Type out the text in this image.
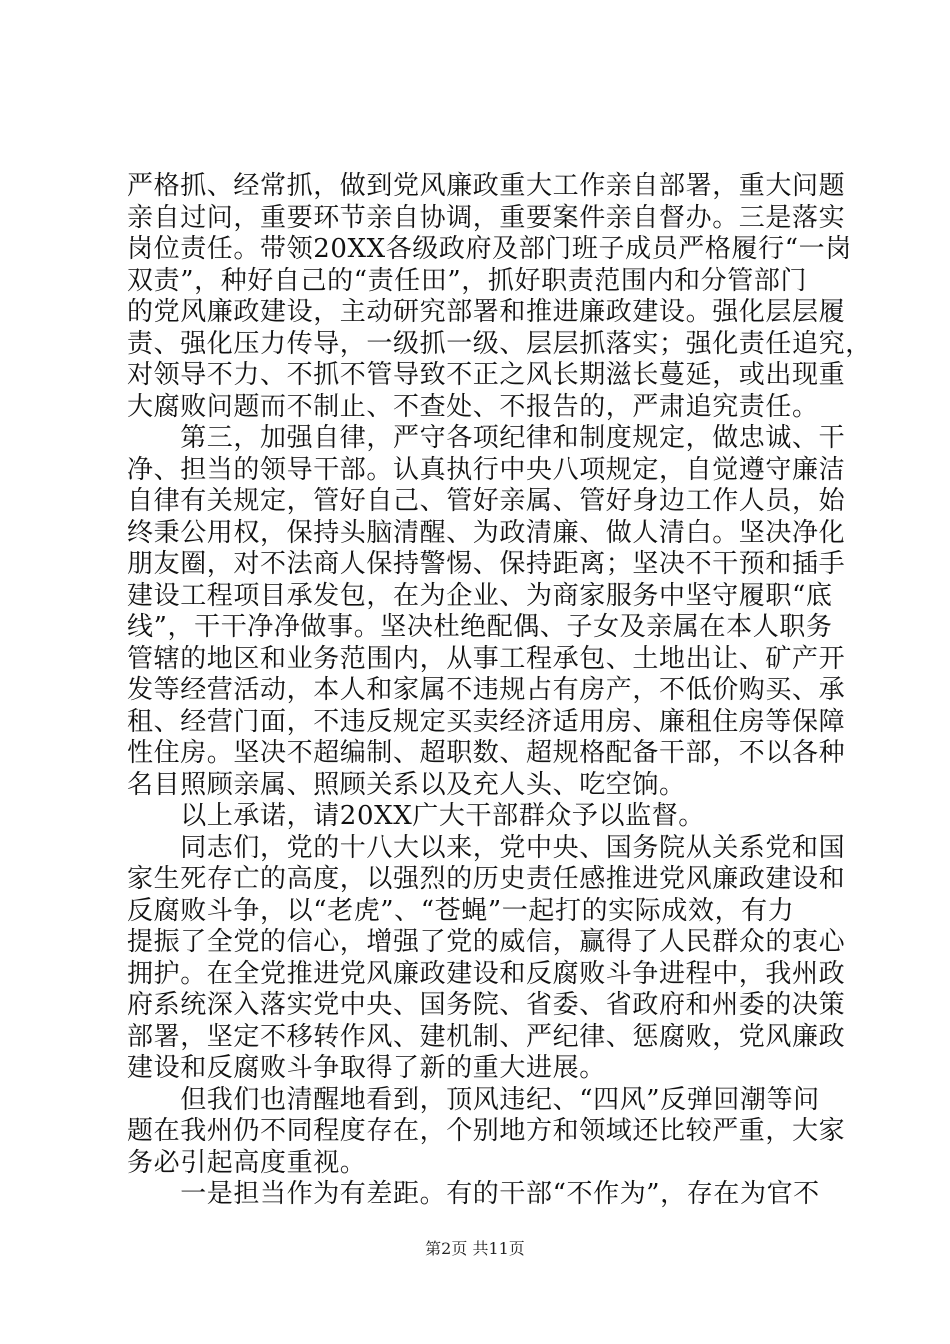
严格抓、经常抓，做到党风廉政重大工作亲自部署，重大问题
亲自过问，重要环节亲自协调，重要案件亲自督办。三是落实
岗位责任。带领20XX各级政府及部门班子成员严格履行“一岗
双责”，种好自己的“责任田”，抓好职责范围内和分管部门
的党风廉政建设，主动研究部署和推进廉政建设。强化层层履
责、强化压力传导，一级抓一级、层层抓落实；强化责任追究，
对领导不力、不抓不管导致不正之风长期滋长蔓延，或出现重
大腐败问题而不制止、不查处、不报告的，严肃追究责任。
　　第三，加强自律，严守各项纪律和制度规定，做忠诚、干
净、担当的领导干部。认真执行中央八项规定，自觉遵守廉洁
自律有关规定，管好自己、管好亲属、管好身边工作人员，始
终秉公用权，保持头脑清醒、为政清廉、做人清白。坚决净化
朋友圈，对不法商人保持警惕、保持距离；坚决不干预和插手
建设工程项目承发包，在为企业、为商家服务中坚守履职“底
线”，干干净净做事。坚决杜绝配偶、子女及亲属在本人职务
管辖的地区和业务范围内，从事工程承包、土地出让、矿产开
发等经营活动，本人和家属不违规占有房产，不低价购买、承
租、经营门面，不违反规定买卖经济适用房、廉租住房等保障
性住房。坚决不超编制、超职数、超规格配备干部，不以各种
名目照顾亲属、照顾关系以及充人头、吃空饷。
　　以上承诺，请20XX广大干部群众予以监督。
　　同志们，党的十八大以来，党中央、国务院从关系党和国
家生死存亡的高度，以强烈的历史责任感推进党风廉政建设和
反腐败斗争，以“老虎”、“苍蝇”一起打的实际成效，有力
提振了全党的信心，增强了党的威信，赢得了人民群众的衷心
拥护。在全党推进党风廉政建设和反腐败斗争进程中，我州政
府系统深入落实党中央、国务院、省委、省政府和州委的决策
部署，坚定不移转作风、建机制、严纪律、惩腐败，党风廉政
建设和反腐败斗争取得了新的重大进展。
　　但我们也清醒地看到，顶风违纪、“四风”反弹回潮等问
题在我州仍不同程度存在，个别地方和领域还比较严重，大家
务必引起高度重视。
　　一是担当作为有差距。有的干部“不作为”，存在为官不
第2页 共11页
